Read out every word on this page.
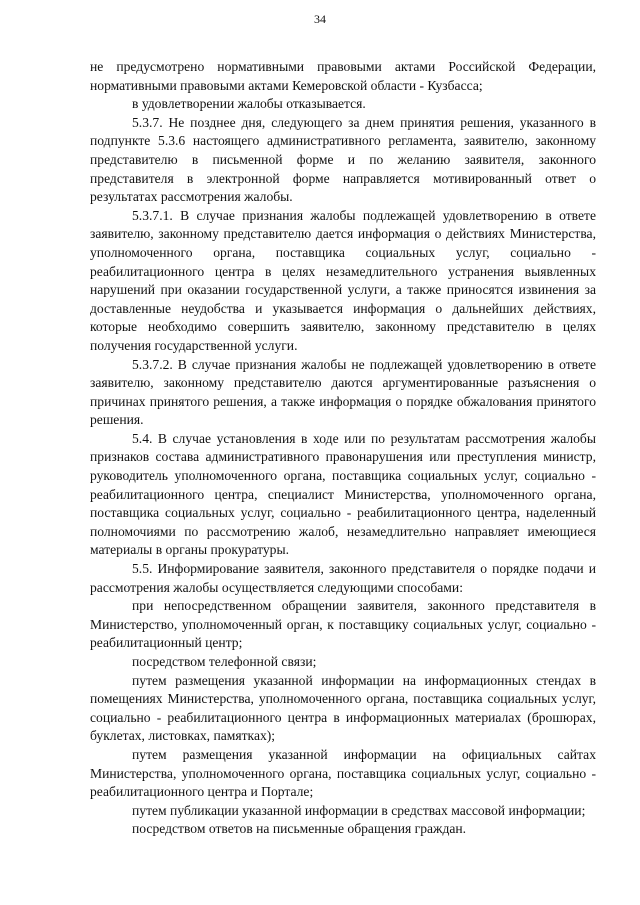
34

не предусмотрено нормативными правовыми актами Российской Федерации, нормативными правовыми актами Кемеровской области - Кузбасса;

в удовлетворении жалобы отказывается.

5.3.7. Не позднее дня, следующего за днем принятия решения, указанного в подпункте 5.3.6 настоящего административного регламента, заявителю, законному представителю в письменной форме и по желанию заявителя, законного представителя в электронной форме направляется мотивированный ответ о результатах рассмотрения жалобы.

5.3.7.1. В случае признания жалобы подлежащей удовлетворению в ответе заявителю, законному представителю дается информация о действиях Министерства, уполномоченного органа, поставщика социальных услуг, социально - реабилитационного центра в целях незамедлительного устранения выявленных нарушений при оказании государственной услуги, а также приносятся извинения за доставленные неудобства и указывается информация о дальнейших действиях, которые необходимо совершить заявителю, законному представителю в целях получения государственной услуги.

5.3.7.2. В случае признания жалобы не подлежащей удовлетворению в ответе заявителю, законному представителю даются аргументированные разъяснения о причинах принятого решения, а также информация о порядке обжалования принятого решения.

5.4. В случае установления в ходе или по результатам рассмотрения жалобы признаков состава административного правонарушения или преступления министр, руководитель уполномоченного органа, поставщика социальных услуг, социально - реабилитационного центра, специалист Министерства, уполномоченного органа, поставщика социальных услуг, социально - реабилитационного центра, наделенный полномочиями по рассмотрению жалоб, незамедлительно направляет имеющиеся материалы в органы прокуратуры.

5.5. Информирование заявителя, законного представителя о порядке подачи и рассмотрения жалобы осуществляется следующими способами:

при непосредственном обращении заявителя, законного представителя в Министерство, уполномоченный орган, к поставщику социальных услуг, социально - реабилитационный центр;

посредством телефонной связи;

путем размещения указанной информации на информационных стендах в помещениях Министерства, уполномоченного органа, поставщика социальных услуг, социально - реабилитационного центра в информационных материалах (брошюрах, буклетах, листовках, памятках);

путем размещения указанной информации на официальных сайтах Министерства, уполномоченного органа, поставщика социальных услуг, социально - реабилитационного центра и Портале;

путем публикации указанной информации в средствах массовой информации;

посредством ответов на письменные обращения граждан.
